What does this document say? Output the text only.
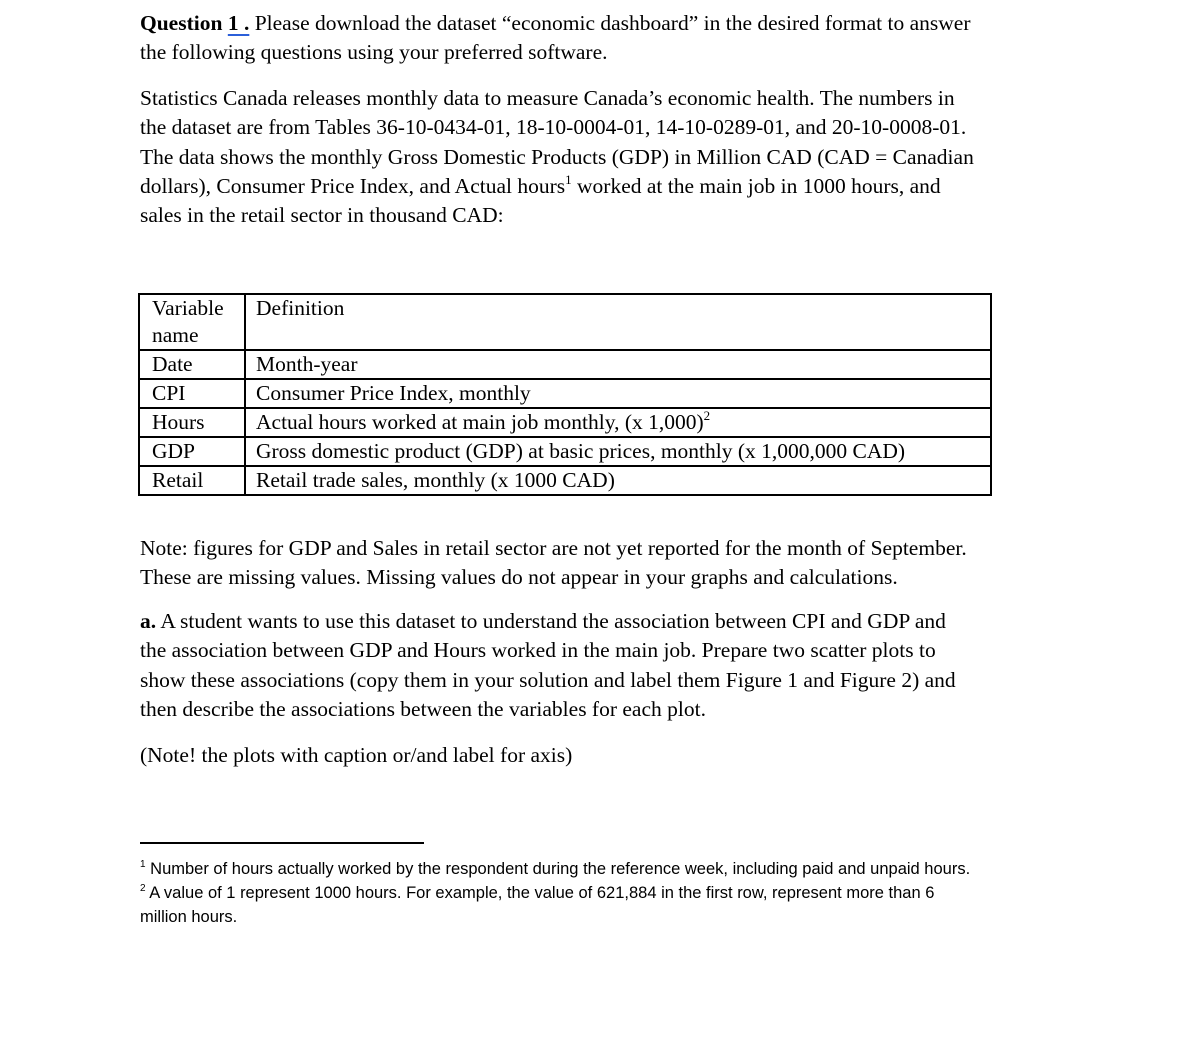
Question 1 . Please download the dataset “economic dashboard” in the desired format to answer
the following questions using your preferred software.
Statistics Canada releases monthly data to measure Canada’s economic health. The numbers in
the dataset are from Tables 36-10-0434-01, 18-10-0004-01, 14-10-0289-01, and 20-10-0008-01.
The data shows the monthly Gross Domestic Products (GDP) in Million CAD (CAD = Canadian
dollars), Consumer Price Index, and Actual hours$^1$ worked at the main job in 1000 hours, and
sales in the retail sector in thousand CAD:
Variable name	Definition
Date	Month-year
CPI	Consumer Price Index, monthly
Hours	Actual hours worked at main job monthly, (x 1,000)$^2$
GDP	Gross domestic product (GDP) at basic prices, monthly (x 1,000,000 CAD)
Retail	Retail trade sales, monthly (x 1000 CAD)
Note: figures for GDP and Sales in retail sector are not yet reported for the month of September.
These are missing values. Missing values do not appear in your graphs and calculations.
a. A student wants to use this dataset to understand the association between CPI and GDP and
the association between GDP and Hours worked in the main job. Prepare two scatter plots to
show these associations (copy them in your solution and label them Figure 1 and Figure 2) and
then describe the associations between the variables for each plot.
(Note! the plots with caption or/and label for axis)
$^1$ Number of hours actually worked by the respondent during the reference week, including paid and unpaid hours.
$^2$ A value of 1 represent 1000 hours. For example, the value of 621,884 in the first row, represent more than 6
million hours.
